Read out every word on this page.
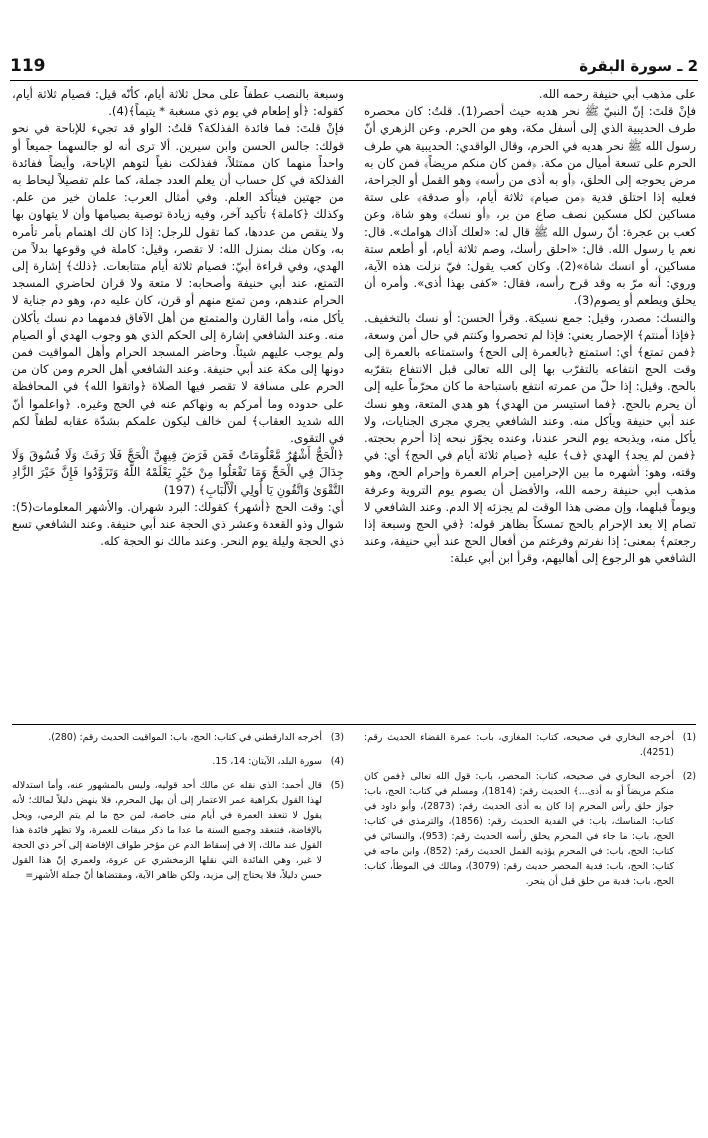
119	2 ـ سورة البقرة

على مذهب أبي حنيفة رحمه الله.

فإنْ قلتَ: إنّ النبيّ ﷺ نحر هديه حيث أحصر(1). قلتُ: كان محصره طرف الحديبية الذي إلى أسفل مكة، وهو من الحرم. وعن الزهري أنّ رسول الله ﷺ نحر هديه في الحرم، وقال الواقدي: الحديبية هي طرف الحرم على تسعة أميال من مكة. ﴿فمن كان منكم مريضاً﴾ فمن كان به مرض يحوجه إلى الحلق، ﴿أو به أذى من رأسه﴾ وهو القمل أو الجراحة، فعليه إذا احتلق فدية ﴿من صيام﴾ ثلاثة أيام، ﴿أو صدقة﴾ على ستة مساكين لكل مسكين نصف صاع من بر، ﴿أو نسك﴾ وهو شاة، وعن كعب بن عجرة: أنّ رسول الله ﷺ قال له: «لعلك آذاك هوامك». قال: نعم يا رسول الله. قال: «احلق رأسك، وصم ثلاثة أيام، أو أطعم ستة مساكين، أو انسك شاة»(2). وكان كعب يقول: فيّ نزلت هذه الآية، وروي: أنه مرّ به وقد قرح رأسه، فقال: «كفى بهذا أذى». وأمره أن يحلق ويطعم أو يصوم(3).

والنسك: مصدر، وقيل: جمع نسيكة. وقرأ الحسن: أو نسك بالتخفيف. ﴿فإذا أمنتم﴾ الإحصار يعني: فإذا لم تحصروا وكنتم في حال أمن وسعة، ﴿فمن تمتع﴾ أي: استمتع ﴿بالعمرة إلى الحج﴾ واستمتاعه بالعمرة إلى وقت الحج انتفاعه بالتقرّب بها إلى الله تعالى قبل الانتفاع بتقرّبه بالحج. وقيل: إذا حلّ من عمرته انتفع باستباحة ما كان محرّماً عليه إلى أن يحرم بالحج. ﴿فما استيسر من الهدي﴾ هو هدي المتعة، وهو نسك عند أبي حنيفة ويأكل منه. وعند الشافعي يجري مجرى الجنايات، ولا يأكل منه، ويذبحه يوم النحر عندنا، وعنده يجوّز نبحه إذا أحرم بحجته. ﴿فمن لم يجد﴾ الهدي ﴿ف﴾ عليه ﴿صيام ثلاثة أيام في الحج﴾ أي: في وقته، وهو: أشهره ما بين الإحرامين إحرام العمرة وإحرام الحج، وهو مذهب أبي حنيفة رحمه الله، والأفضل أن يصوم يوم التروية وعرفة ويوماً قبلهما، وإن مضى هذا الوقت لم يجزئه إلا الدم. وعند الشافعي لا تصام إلا بعد الإحرام بالحج تمسكاً بظاهر قوله: ﴿في الحج وسبعة إذا رجعتم﴾ بمعنى: إذا نفرتم وفرغتم من أفعال الحج عند أبي حنيفة، وعند الشافعي هو الرجوع إلى أهاليهم، وقرأ ابن أبي عبلة:

وسبعة بالنصب عطفاً على محل ثلاثة أيام، كأنّه قيل: فصيام ثلاثة أيام، كقوله: ﴿أو إطعام في يوم ذي مسغبة * يتيماً﴾(4).

فإنْ قلتَ: فما فائدة الفذلكة؟ قلتُ: الواو قد تجيء للإباحة في نحو قولك: جالس الحسن وابن سيرين. ألا ترى أنه لو جالسهما جميعاً أو واحداً منهما كان ممتثلاً، ففذلكت نفياً لتوهم الإباحة، وأيضاً ففائدة الفذلكة في كل حساب أن يعلم العدد جملة، كما علم تفصيلاً ليحاط به من جهتين فيتأكد العلم. وفي أمثال العرب: علمان خير من علم. وكذلك ﴿كاملة﴾ تأكيد آخر، وفيه زيادة توصية بصيامها وأن لا يتهاون بها ولا ينقص من عددها، كما تقول للرجل: إذا كان لك اهتمام بأمر تأمره به، وكان منك بمنزل الله: لا تقصر، وقيل: كاملة في وقوعها بدلاً من الهدي، وفي قراءة أبيّ: فصيام ثلاثة أيام متتابعات. ﴿ذلك﴾ إشارة إلى التمتع، عند أبي حنيفة وأصحابه: لا متعة ولا قران لحاضري المسجد الحرام عندهم، ومن تمتع منهم أو قرن، كان عليه دم، وهو دم جناية لا يأكل منه، وأما القارن والمتمتع من أهل الآفاق فدمهما دم نسك يأكلان منه. وعند الشافعي إشارة إلى الحكم الذي هو وجوب الهدي أو الصيام ولم يوجب عليهم شيئاً. وحاضر المسجد الحرام وأهل المواقيت فمن دونها إلى مكة عند أبي حنيفة. وعند الشافعي أهل الحرم ومن كان من الحرم على مسافة لا تقصر فيها الصلاة ﴿واتقوا الله﴾ في المحافظة على حدوده وما أمركم به ونهاكم عنه في الحج وغيره. ﴿واعلموا أنّ الله شديد العقاب﴾ لمن خالف ليكون علمكم بشدّة عقابه لطفاً لكم في التقوى.

﴿الْحَجُّ أَشْهُرٌ مَّعْلُومَاتٌ فَمَن فَرَضَ فِيهِنَّ الْحَجَّ فَلَا رَفَثَ وَلَا فُسُوقَ وَلَا جِدَالَ فِي الْحَجِّ وَمَا تَفْعَلُوا مِنْ خَيْرٍ يَعْلَمْهُ اللَّهُ وَتَزَوَّدُوا فَإِنَّ خَيْرَ الزَّادِ التَّقْوَىٰ وَاتَّقُونِ يَا أُولِي الْأَلْبَابِ﴾ (197)

أي: وقت الحج ﴿أشهر﴾ كقولك: البرد شهران. والأشهر المعلومات(5): شوال وذو القعدة وعشر ذي الحجة عند أبي حنيفة. وعند الشافعي تسع ذي الحجة وليلة يوم النحر. وعند مالك نو الحجة كله.

(1)
أخرجه البخاري في صحيحه، كتاب: المغازي، باب: عمرة القضاء الحديث رقم: (4251).
(2)
أخرجه البخاري في صحيحه، كتاب: المحصر، باب: قول الله تعالى ﴿فمن كان منكم مريضاً أو به أذى...﴾ الحديث رقم: (1814)، ومسلم في كتاب: الحج، باب: جواز حلق رأس المحرم إذا كان به أذى الحديث رقم: (2873)، وأبو داود في كتاب: المناسك، باب: في الفدية الحديث رقم: (1856)، والترمذي في كتاب: الحج، باب: ما جاء في المحرم يحلق رأسه الحديث رقم: (953)، والنسائي في كتاب: الحج، باب: في المحرم يؤذيه القمل الحديث رقم: (852)، وابن ماجه في كتاب: الحج، باب: فدية المحصر حديث رقم: (3079)، ومالك في الموطأ، كتاب: الحج، باب: فدية من حلق قبل أن ينحر.
(3)
أخرجه الدارقطني في كتاب: الحج، باب: المواقيت الحديث رقم: (280).
(4)
سورة البلد، الآيتان: 14، 15.
(5)
قال أحمد: الذي نقله عن مالك أحد قوليه، وليس بالمشهور عنه، وأما استدلاله لهذا القول بكراهية عمر الاعتمار إلى أن يهل المحرم، فلا ينهض دليلاً لمالك؛ لأنه يقول لا تنعقد العمرة في أيام منى خاصة، لمن حج ما لم يتم الرمي، ويحل بالإفاضة، فتنعقد وجميع السنة ما عدا ما ذكر ميقات للعمرة، ولا تظهر فائدة هذا القول عند مالك، إلا في إسقاط الدم عن مؤخر طواف الإفاضة إلى آخر ذي الحجة لا غير، وهي الفائدة التي نقلها الزمخشري عن عروة، ولعمري إنّ هذا القول حسن دليلاً، فلا يحتاج إلى مزيد، ولكن ظاهر الآية، ومقتضاها أنّ جملة الأشهر=
